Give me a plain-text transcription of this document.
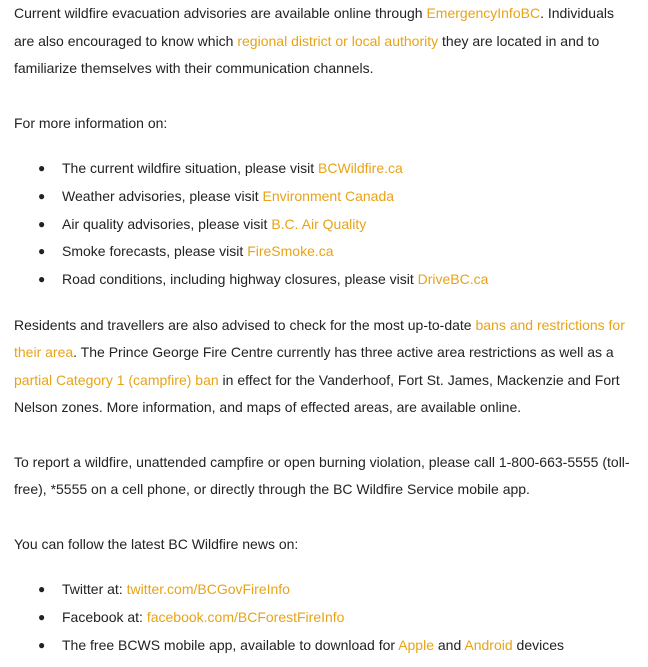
Current wildfire evacuation advisories are available online through EmergencyInfoBC. Individuals are also encouraged to know which regional district or local authority they are located in and to familiarize themselves with their communication channels.

For more information on:

● The current wildfire situation, please visit BCWildfire.ca
● Weather advisories, please visit Environment Canada
● Air quality advisories, please visit B.C. Air Quality
● Smoke forecasts, please visit FireSmoke.ca
● Road conditions, including highway closures, please visit DriveBC.ca

Residents and travellers are also advised to check for the most up-to-date bans and restrictions for their area. The Prince George Fire Centre currently has three active area restrictions as well as a partial Category 1 (campfire) ban in effect for the Vanderhoof, Fort St. James, Mackenzie and Fort Nelson zones. More information, and maps of effected areas, are available online.

To report a wildfire, unattended campfire or open burning violation, please call 1-800-663-5555 (toll-free), *5555 on a cell phone, or directly through the BC Wildfire Service mobile app.

You can follow the latest BC Wildfire news on:

● Twitter at: twitter.com/BCGovFireInfo
● Facebook at: facebook.com/BCForestFireInfo
● The free BCWS mobile app, available to download for Apple and Android devices
